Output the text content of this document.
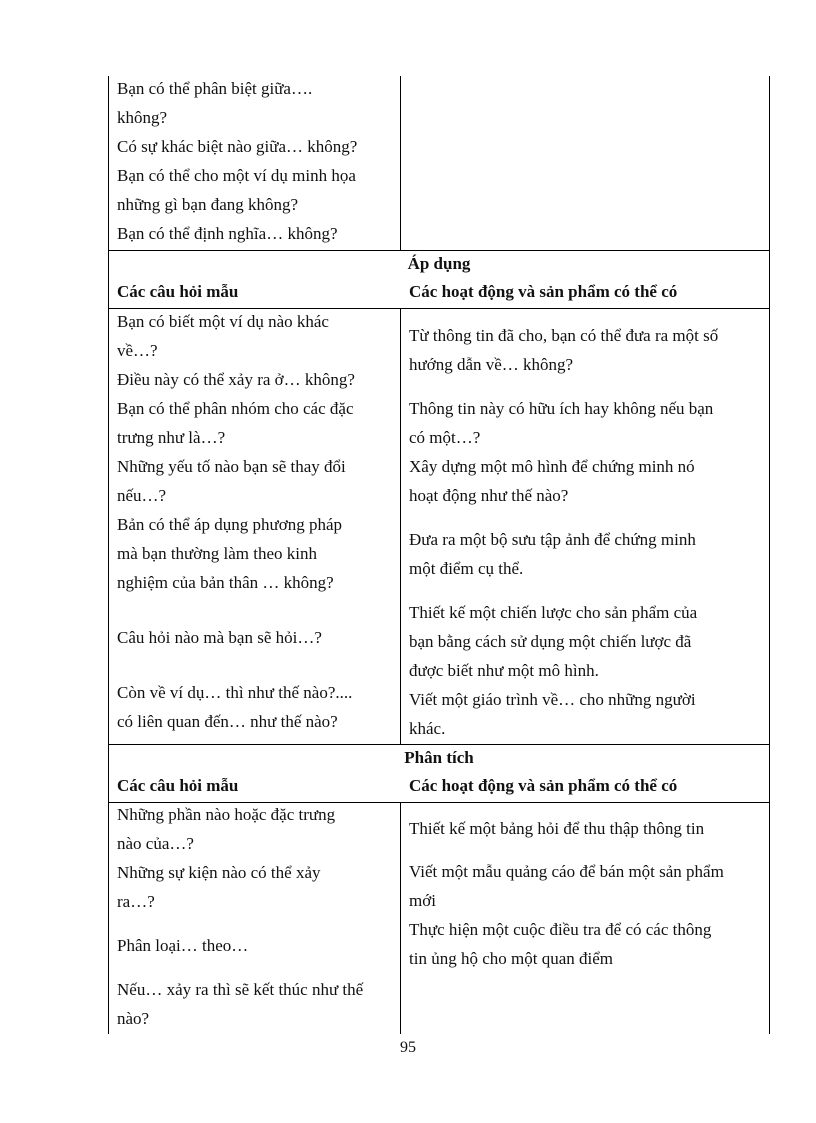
Bạn có thể phân biệt giữa….

không?

Có sự khác biệt nào giữa… không?

Bạn có thể cho một ví dụ minh họa

những gì bạn đang không?

Bạn có thể định nghĩa… không?

Áp dụng
Các câu hỏi mẫu	Các hoạt động và sản phẩm có thể có

Bạn có biết một ví dụ nào khác

về…?

Điều này có thể xảy ra ở… không?

Bạn có thể phân nhóm cho các đặc

trưng như là…?

Những yếu tố nào bạn sẽ thay đổi

nếu…?

Bản có thể áp dụng phương pháp

mà bạn thường làm theo kinh

nghiệm của bản thân … không?

Câu hỏi nào mà bạn sẽ hỏi…?

Còn về ví dụ… thì như thế nào?....

có liên quan đến… như thế nào?

Từ thông tin đã cho, bạn có thể đưa ra một số

hướng dẫn về… không?

Thông tin này có hữu ích hay không nếu bạn

có một…?

Xây dựng một mô hình để chứng minh nó

hoạt động như thế nào?

Đưa ra một bộ sưu tập ảnh để chứng minh

một điểm cụ thể.

Thiết kế một chiến lược cho sản phẩm của

bạn bằng cách sử dụng một chiến lược đã

được biết như một mô hình.

Viết một giáo trình về… cho những người

khác.

Phân tích
Các câu hỏi mẫu	Các hoạt động và sản phẩm có thể có

Những phần nào hoặc đặc trưng

nào của…?

Những sự kiện nào có thể xảy

ra…?

Phân loại… theo…

Nếu… xảy ra thì sẽ kết thúc như thế

nào?

Thiết kế một bảng hỏi để thu thập thông tin

Viết một mẫu quảng cáo để bán một sản phẩm

mới

Thực hiện một cuộc điều tra để có các thông

tin ủng hộ cho một quan điểm

95
